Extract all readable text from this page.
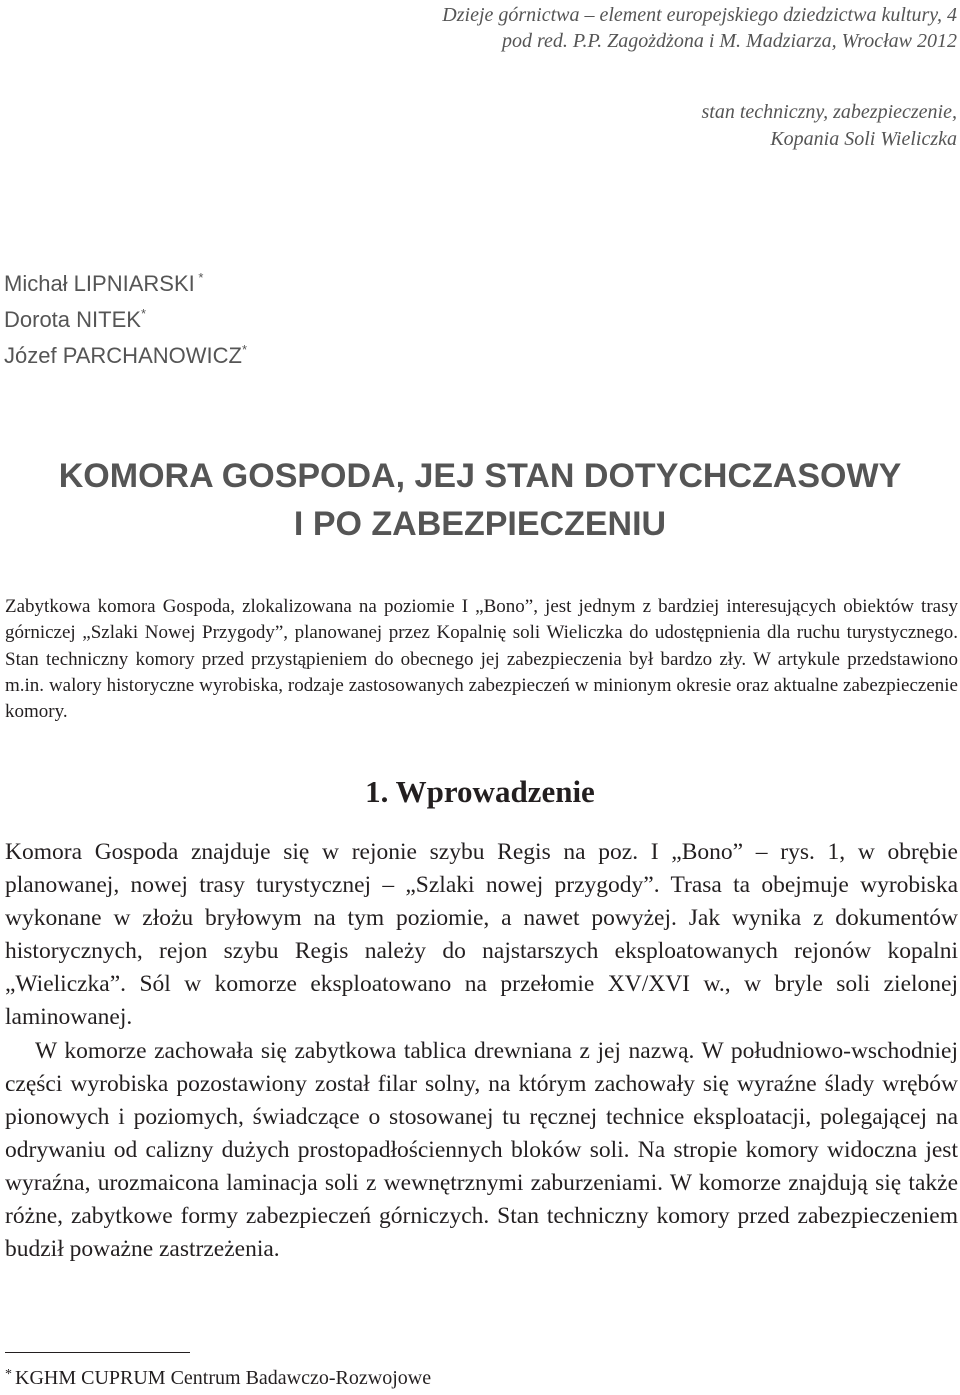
Dzieje górnictwa – element europejskiego dziedzictwa kultury, 4
pod red. P.P. Zagożdżona i M. Madziarza, Wrocław 2012
stan techniczny, zabezpieczenie,
Kopania Soli Wieliczka
Michał LIPNIARSKI *
Dorota NITEK*
Józef PARCHANOWICZ*
KOMORA GOSPODA, JEJ STAN DOTYCHCZASOWY
I PO ZABEZPIECZENIU
Zabytkowa komora Gospoda, zlokalizowana na poziomie I „Bono”, jest jednym z bardziej interesujących obiektów trasy górniczej „Szlaki Nowej Przygody”, planowanej przez Kopalnię soli Wieliczka do udostępnienia dla ruchu turystycznego. Stan techniczny komory przed przystąpieniem do obecnego jej zabezpieczenia był bardzo zły. W artykule przedstawiono m.in. walory historyczne wyrobiska, rodzaje zastosowanych zabezpieczeń w minionym okresie oraz aktualne zabezpieczenie komory.
1. Wprowadzenie

Komora Gospoda znajduje się w rejonie szybu Regis na poz. I „Bono” – rys. 1, w obrębie planowanej, nowej trasy turystycznej – „Szlaki nowej przygody”. Trasa ta obejmuje wyrobiska wykonane w złożu bryłowym na tym poziomie, a nawet powyżej. Jak wynika z dokumentów historycznych, rejon szybu Regis należy do najstarszych eksploatowanych rejonów kopalni „Wieliczka”. Sól w komorze eksploatowano na przełomie XV/XVI w., w bryle soli zielonej laminowanej.

W komorze zachowała się zabytkowa tablica drewniana z jej nazwą. W południowo-wschodniej części wyrobiska pozostawiony został filar solny, na którym zachowały się wyraźne ślady wrębów pionowych i poziomych, świadczące o stosowanej tu ręcznej technice eksploatacji, polegającej na odrywaniu od calizny dużych prostopadłościennych bloków soli. Na stropie komory widoczna jest wyraźna, urozmaicona laminacja soli z wewnętrznymi zaburzeniami. W komorze znajdują się także różne, zabytkowe formy zabezpieczeń górniczych. Stan techniczny komory przed zabezpieczeniem budził poważne zastrzeżenia.

* KGHM CUPRUM Centrum Badawczo-Rozwojowe
